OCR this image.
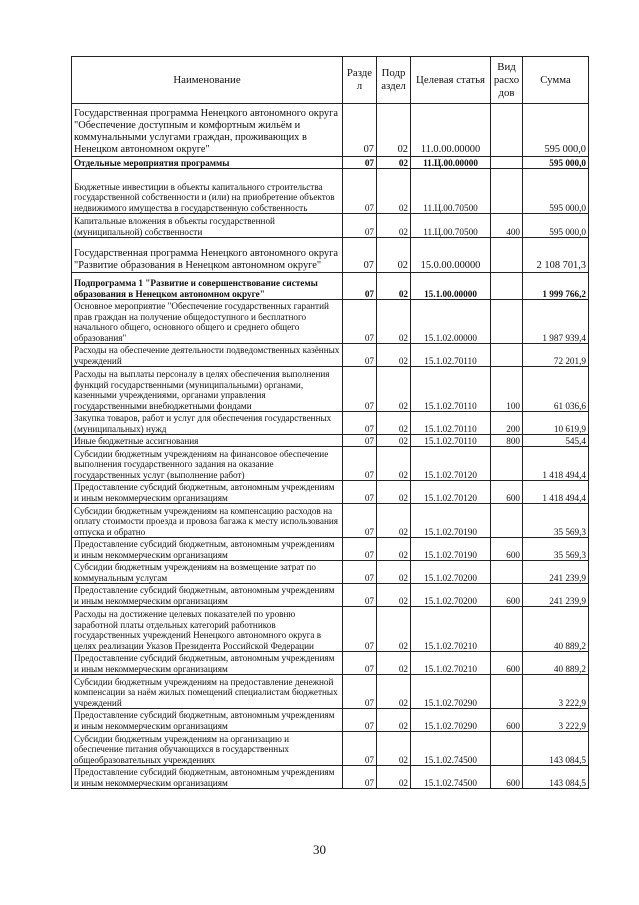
Наименование	Разде л	Подр аздел	Целевая статья	Вид расхо дов	Сумма
Государственная программа Ненецкого автономного округа "Обеспечение доступным и комфортным жильём и коммунальными услугами граждан, проживающих в Ненецком автономном округе"	07	02	11.0.00.00000		595 000,0
Отдельные мероприятия программы	07	02	11.Ц.00.00000		595 000,0
Бюджетные инвестиции в объекты капитального строительства государственной собственности и (или) на приобретение объектов недвижимого имущества в государственную собственность	07	02	11.Ц.00.70500		595 000,0
Капитальные вложения в объекты государственной (муниципальной) собственности	07	02	11.Ц.00.70500	400	595 000,0
Государственная программа Ненецкого автономного округа "Развитие образования в Ненецком автономном округе"	07	02	15.0.00.00000		2 108 701,3
Подпрограмма 1 "Развитие и совершенствование системы образования в Ненецком автономном округе"	07	02	15.1.00.00000		1 999 766,2
Основное мероприятие "Обеспечение государственных гарантий прав граждан на получение общедоступного и бесплатного начального общего, основного общего и среднего общего образования"	07	02	15.1.02.00000		1 987 939,4
Расходы на обеспечение деятельности подведомственных казённых учреждений	07	02	15.1.02.70110		72 201,9
Расходы на выплаты персоналу в целях обеспечения выполнения функций государственными (муниципальными) органами, казенными учреждениями, органами управления государственными внебюджетными фондами	07	02	15.1.02.70110	100	61 036,6
Закупка товаров, работ и услуг для обеспечения государственных (муниципальных) нужд	07	02	15.1.02.70110	200	10 619,9
Иные бюджетные ассигнования	07	02	15.1.02.70110	800	545,4
Субсидии бюджетным учреждениям на финансовое обеспечение выполнения государственного задания на оказание государственных услуг (выполнение работ)	07	02	15.1.02.70120		1 418 494,4
Предоставление субсидий бюджетным, автономным учреждениям и иным некоммерческим организациям	07	02	15.1.02.70120	600	1 418 494,4
Субсидии бюджетным учреждениям на компенсацию расходов на оплату стоимости проезда и провоза багажа к месту использования отпуска и обратно	07	02	15.1.02.70190		35 569,3
Предоставление субсидий бюджетным, автономным учреждениям и иным некоммерческим организациям	07	02	15.1.02.70190	600	35 569,3
Субсидии бюджетным учреждениям на возмещение затрат по коммунальным услугам	07	02	15.1.02.70200		241 239,9
Предоставление субсидий бюджетным, автономным учреждениям и иным некоммерческим организациям	07	02	15.1.02.70200	600	241 239,9
Расходы на достижение целевых показателей по уровню заработной платы отдельных категорий работников государственных учреждений Ненецкого автономного округа в целях реализации Указов Президента Российской Федерации	07	02	15.1.02.70210		40 889,2
Предоставление субсидий бюджетным, автономным учреждениям и иным некоммерческим организациям	07	02	15.1.02.70210	600	40 889,2
Субсидии бюджетным учреждениям на предоставление денежной компенсации за наём жилых помещений специалистам бюджетных учреждений	07	02	15.1.02.70290		3 222,9
Предоставление субсидий бюджетным, автономным учреждениям и иным некоммерческим организациям	07	02	15.1.02.70290	600	3 222,9
Субсидии бюджетным учреждениям на организацию и обеспечение питания обучающихся в государственных общеобразовательных учреждениях	07	02	15.1.02.74500		143 084,5
Предоставление субсидий бюджетным, автономным учреждениям и иным некоммерческим организациям	07	02	15.1.02.74500	600	143 084,5
30
